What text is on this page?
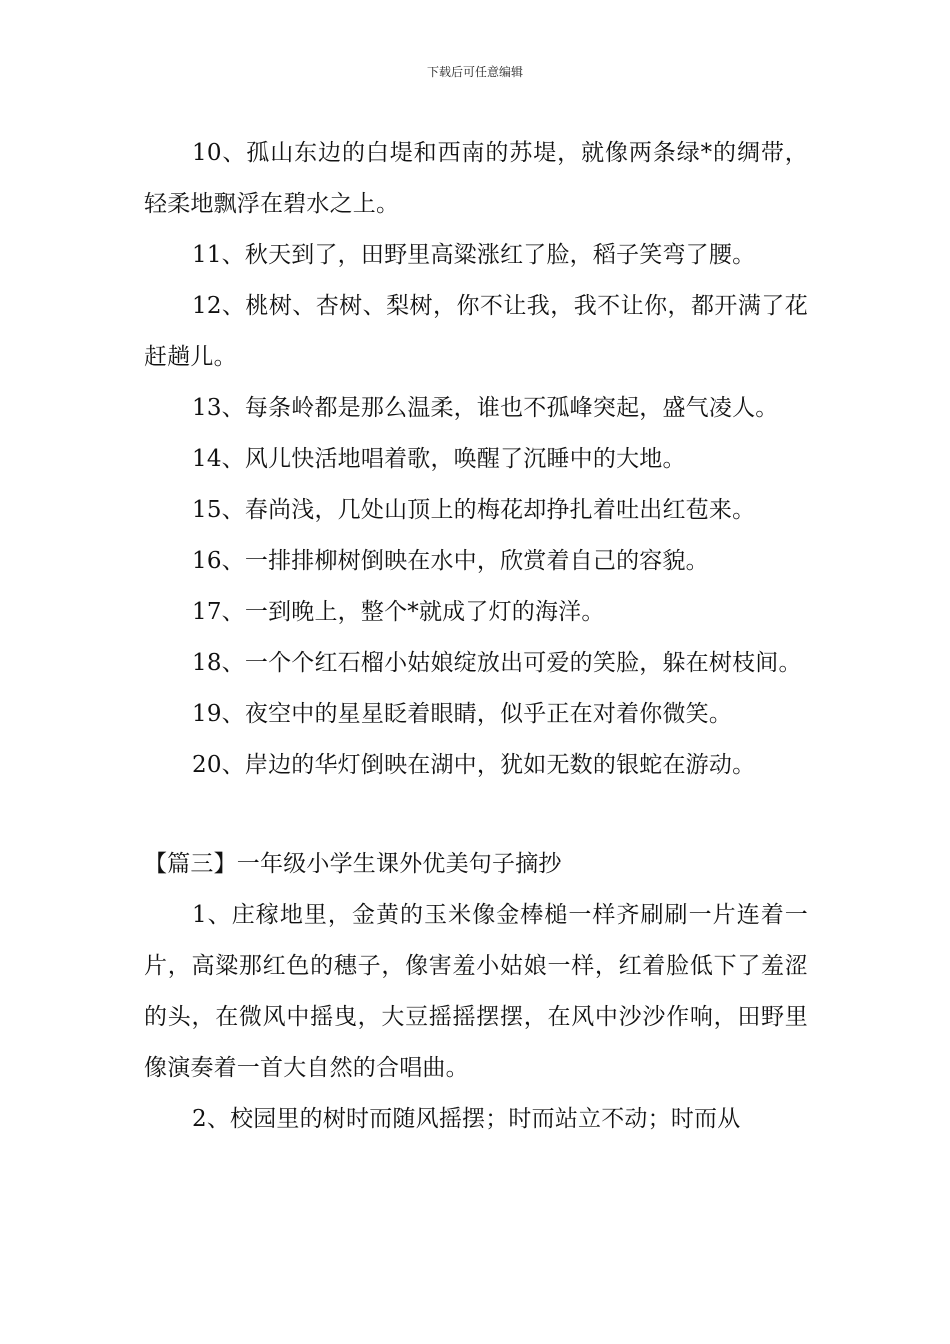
下载后可任意编辑

10、孤山东边的白堤和西南的苏堤，就像两条绿*的绸带，轻柔地飘浮在碧水之上。

11、秋天到了，田野里高粱涨红了脸，稻子笑弯了腰。

12、桃树、杏树、梨树，你不让我，我不让你，都开满了花赶趟儿。

13、每条岭都是那么温柔，谁也不孤峰突起，盛气凌人。

14、风儿快活地唱着歌，唤醒了沉睡中的大地。

15、春尚浅，几处山顶上的梅花却挣扎着吐出红苞来。

16、一排排柳树倒映在水中，欣赏着自己的容貌。

17、一到晚上，整个*就成了灯的海洋。

18、一个个红石榴小姑娘绽放出可爱的笑脸，躲在树枝间。

19、夜空中的星星眨着眼睛，似乎正在对着你微笑。

20、岸边的华灯倒映在湖中，犹如无数的银蛇在游动。

【篇三】一年级小学生课外优美句子摘抄

1、庄稼地里，金黄的玉米像金棒槌一样齐刷刷一片连着一片，高粱那红色的穗子，像害羞小姑娘一样，红着脸低下了羞涩的头，在微风中摇曳，大豆摇摇摆摆，在风中沙沙作响，田野里像演奏着一首大自然的合唱曲。

2、校园里的树时而随风摇摆；时而站立不动；时而从
